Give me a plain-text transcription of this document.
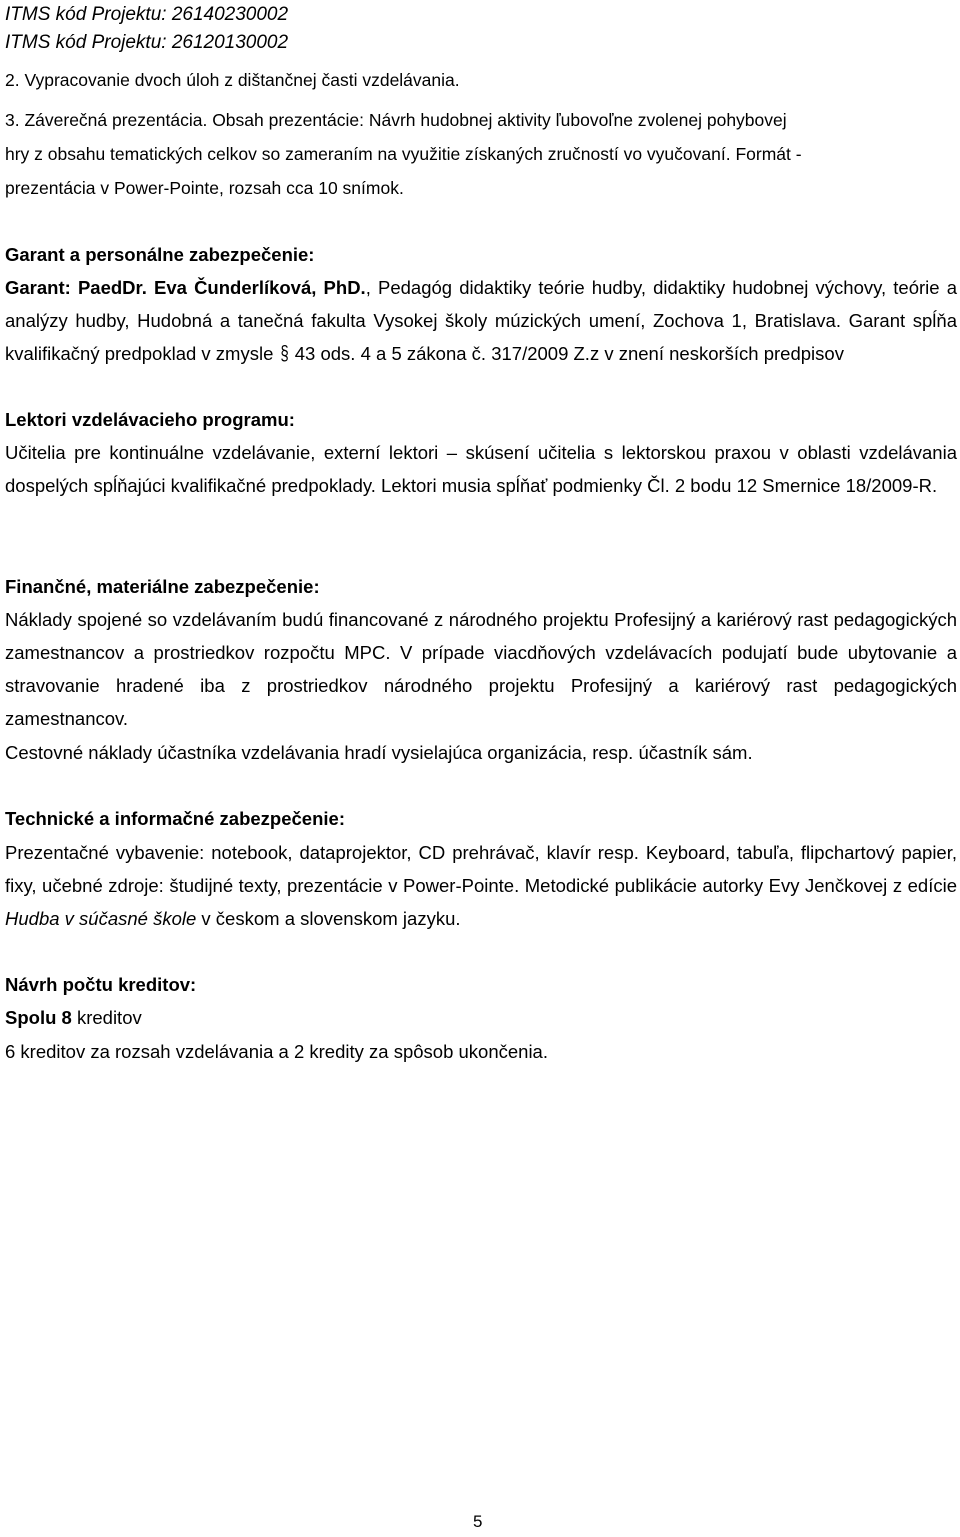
ITMS kód Projektu: 26140230002
ITMS kód Projektu: 26120130002
2. Vypracovanie dvoch úloh z dištančnej časti vzdelávania.
3. Záverečná prezentácia. Obsah prezentácie: Návrh hudobnej aktivity ľubovoľne zvolenej pohybovej
hry z obsahu tematických celkov so zameraním na využitie získaných zručností vo vyučovaní. Formát -
prezentácia v Power-Pointe, rozsah cca 10 snímok.
Garant a personálne zabezpečenie:
Garant: PaedDr. Eva Čunderlíková, PhD., Pedagóg didaktiky teórie hudby, didaktiky hudobnej výchovy, teórie a analýzy hudby, Hudobná a tanečná fakulta Vysokej školy múzických umení, Zochova 1, Bratislava. Garant spĺňa kvalifikačný predpoklad v zmysle § 43 ods. 4 a 5 zákona č. 317/2009 Z.z v znení neskorších predpisov
Lektori vzdelávacieho programu:
Učitelia pre kontinuálne vzdelávanie, externí lektori – skúsení učitelia s lektorskou praxou v oblasti vzdelávania dospelých spĺňajúci kvalifikačné predpoklady. Lektori musia spĺňať podmienky Čl. 2 bodu 12 Smernice 18/2009-R.
Finančné, materiálne zabezpečenie:
Náklady spojené so vzdelávaním budú financované z národného projektu Profesijný a kariérový rast pedagogických zamestnancov a prostriedkov rozpočtu MPC. V prípade viacdňových vzdelávacích podujatí bude ubytovanie a stravovanie hradené iba z prostriedkov národného projektu Profesijný a kariérový rast pedagogických zamestnancov.
Cestovné náklady účastníka vzdelávania hradí vysielajúca organizácia, resp. účastník sám.
Technické a informačné zabezpečenie:
Prezentačné vybavenie: notebook, dataprojektor, CD prehrávač, klavír resp. Keyboard, tabuľa, flipchartový papier, fixy, učebné zdroje: študijné texty, prezentácie v Power-Pointe. Metodické publikácie autorky Evy Jenčkovej z edície Hudba v súčasné škole v českom a slovenskom jazyku.
Návrh počtu kreditov:
Spolu 8 kreditov
6 kreditov za rozsah vzdelávania a 2 kredity za spôsob ukončenia.
5
